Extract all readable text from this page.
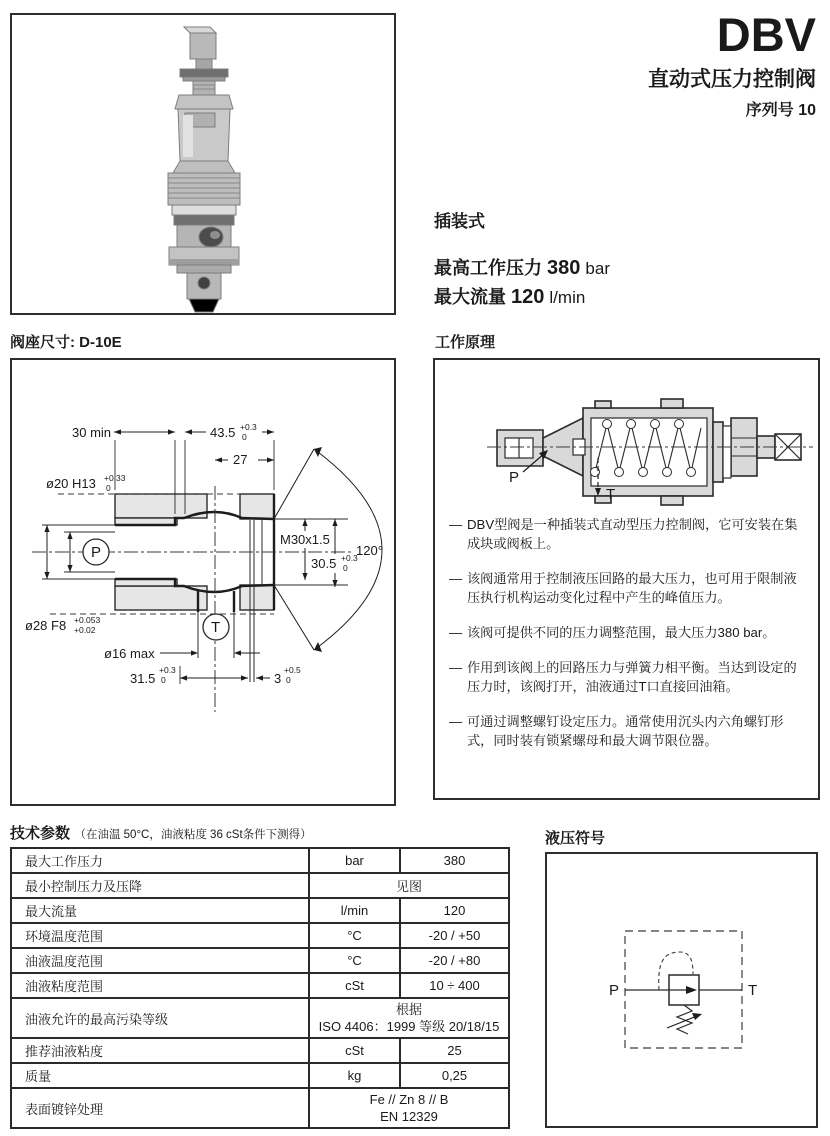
DBV
直动式压力控制阀
序列号 10
插装式
最高工作压力 380 bar
最大流量 120 l/min
阀座尺寸: D-10E
30 min	43.5 +0.3
0
27
ø20 H13 +0.33
0
P
ø28 F8 +0.053
+0.02	T
ø16 max
31.5
+0.3
0	3
+0.5
0
M30x1.5
30.5 +0.3
0
120°
工作原理
P
T
— DBV型阀是一种插装式直动型压力控制阀，它可安装在集成块或阀板上。
— 该阀通常用于控制液压回路的最大压力，也可用于限制液压执行机构运动变化过程中产生的峰值压力。
— 该阀可提供不同的压力调整范围，最大压力380 bar。
— 作用到该阀上的回路压力与弹簧力相平衡。当达到设定的压力时，该阀打开，油液通过T口直接回油箱。
— 可通过调整螺钉设定压力。通常使用沉头内六角螺钉形式，同时装有锁紧螺母和最大调节限位器。
技术参数 （在油温 50°C，油液粘度 36 cSt条件下测得）
最大工作压力	bar	380
最小控制压力及压降	见图	
最大流量	l/min	120
环境温度范围	°C	-20 / +50
油液温度范围	°C	-20 / +80
油液粘度范围	cSt	10 ÷ 400
油液允许的最高污染等级	根据
ISO 4406：1999 等级 20/18/15	

推荐油液粘度	cSt	25
质量	kg	0,25
表面镀锌处理	Fe // Zn 8 // B
EN 12329	
液压符号
P	T
